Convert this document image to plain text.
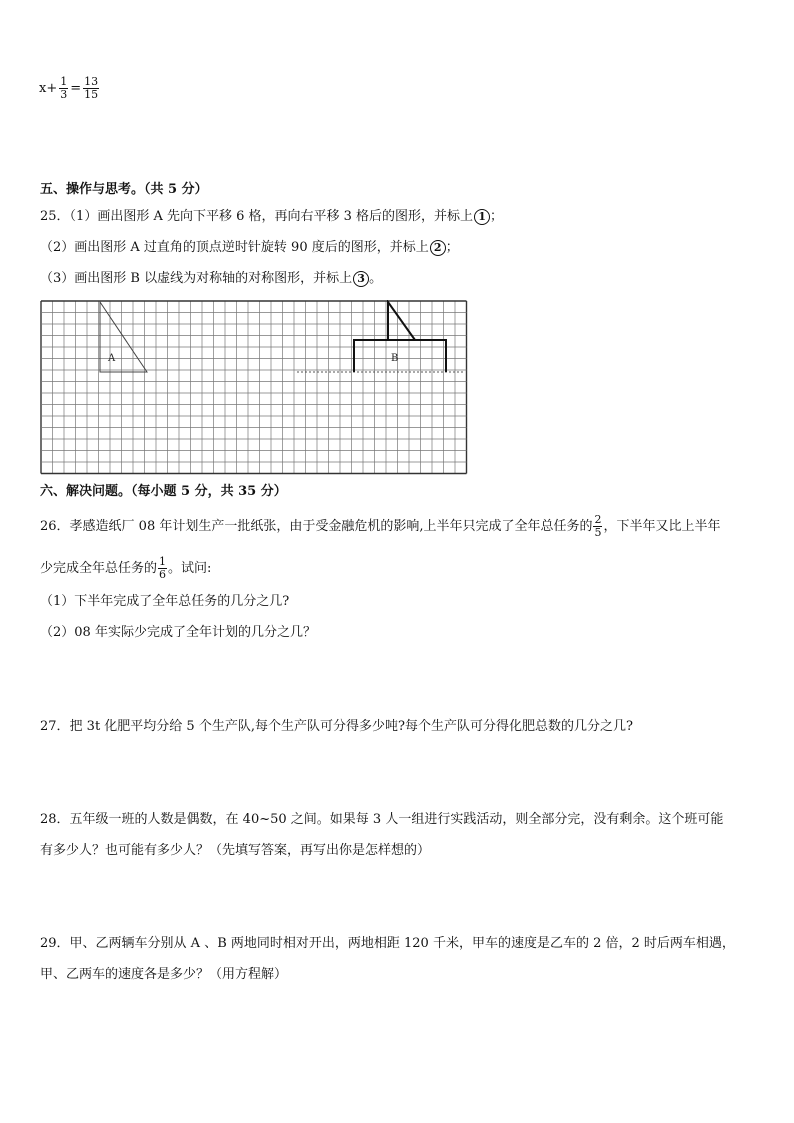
$x+ \frac{1}{3} = \frac{13}{15}$
五、操作与思考。（共 5 分）
25．（1）画出图形 A 先向下平移 6 格，再向右平移 3 格后的图形，并标上 1 ；
（2）画出图形 A 过直角的顶点逆时针旋转 90 度后的图形，并标上 2 ；
（3）画出图形 B 以虚线为对称轴的对称图形，并标上 3 。
A	B
六、解决问题。（每小题 5 分，共 35 分）
26．孝感造纸厂 08 年计划生产一批纸张，由于受金融危机的影响,上半年只完成了全年总任务的 $\frac{2}{5}$ ，下半年又比上半年
少完成全年总任务的 $\frac{1}{6}$ 。试问:
（1）下半年完成了全年总任务的几分之几?
（2）08 年实际少完成了全年计划的几分之几？
27．把 3t 化肥平均分给 5 个生产队,每个生产队可分得多少吨?每个生产队可分得化肥总数的几分之几?
28．五年级一班的人数是偶数，在 40~50 之间。如果每 3 人一组进行实践活动，则全部分完，没有剩余。这个班可能
有多少人？也可能有多少人？（先填写答案，再写出你是怎样想的）
29．甲、乙两辆车分别从 A 、B 两地同时相对开出，两地相距 120 千米，甲车的速度是乙车的 2 倍，2 时后两车相遇，
甲、乙两车的速度各是多少？（用方程解）
